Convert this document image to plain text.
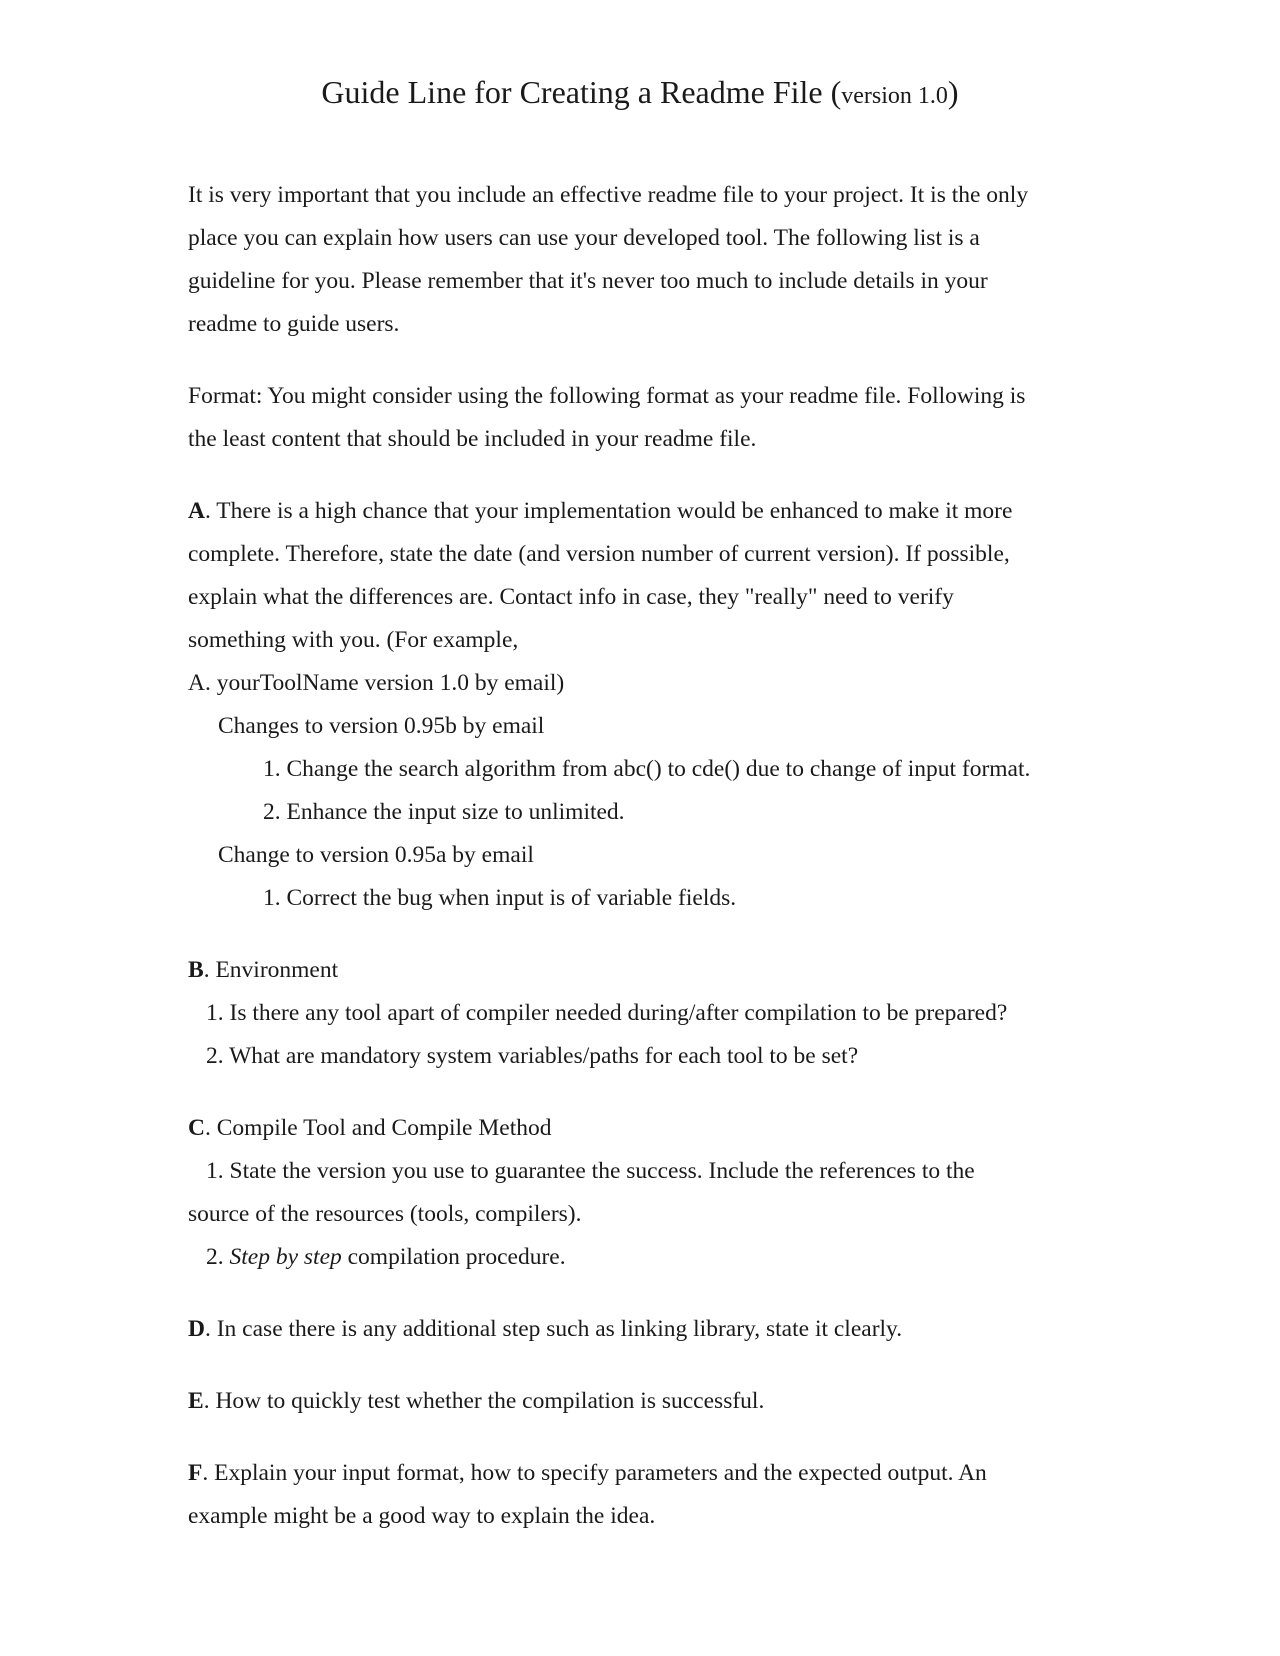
Guide Line for Creating a Readme File (version 1.0)
It is very important that you include an effective readme file to your project. It is the only
place you can explain how users can use your developed tool. The following list is a
guideline for you. Please remember that it's never too much to include details in your
readme to guide users.
Format: You might consider using the following format as your readme file. Following is
the least content that should be included in your readme file.
A. There is a high chance that your implementation would be enhanced to make it more
complete. Therefore, state the date (and version number of current version). If possible,
explain what the differences are. Contact info in case, they "really" need to verify
something with you. (For example,
A. yourToolName version 1.0 by email)
Changes to version 0.95b by email
1. Change the search algorithm from abc() to cde() due to change of input format.
2. Enhance the input size to unlimited.
Change to version 0.95a by email
1. Correct the bug when input is of variable fields.
B. Environment
1. Is there any tool apart of compiler needed during/after compilation to be prepared?
2. What are mandatory system variables/paths for each tool to be set?
C. Compile Tool and Compile Method
1. State the version you use to guarantee the success. Include the references to the
source of the resources (tools, compilers).
2. Step by step compilation procedure.
D. In case there is any additional step such as linking library, state it clearly.
E. How to quickly test whether the compilation is successful.
F. Explain your input format, how to specify parameters and the expected output. An
example might be a good way to explain the idea.
